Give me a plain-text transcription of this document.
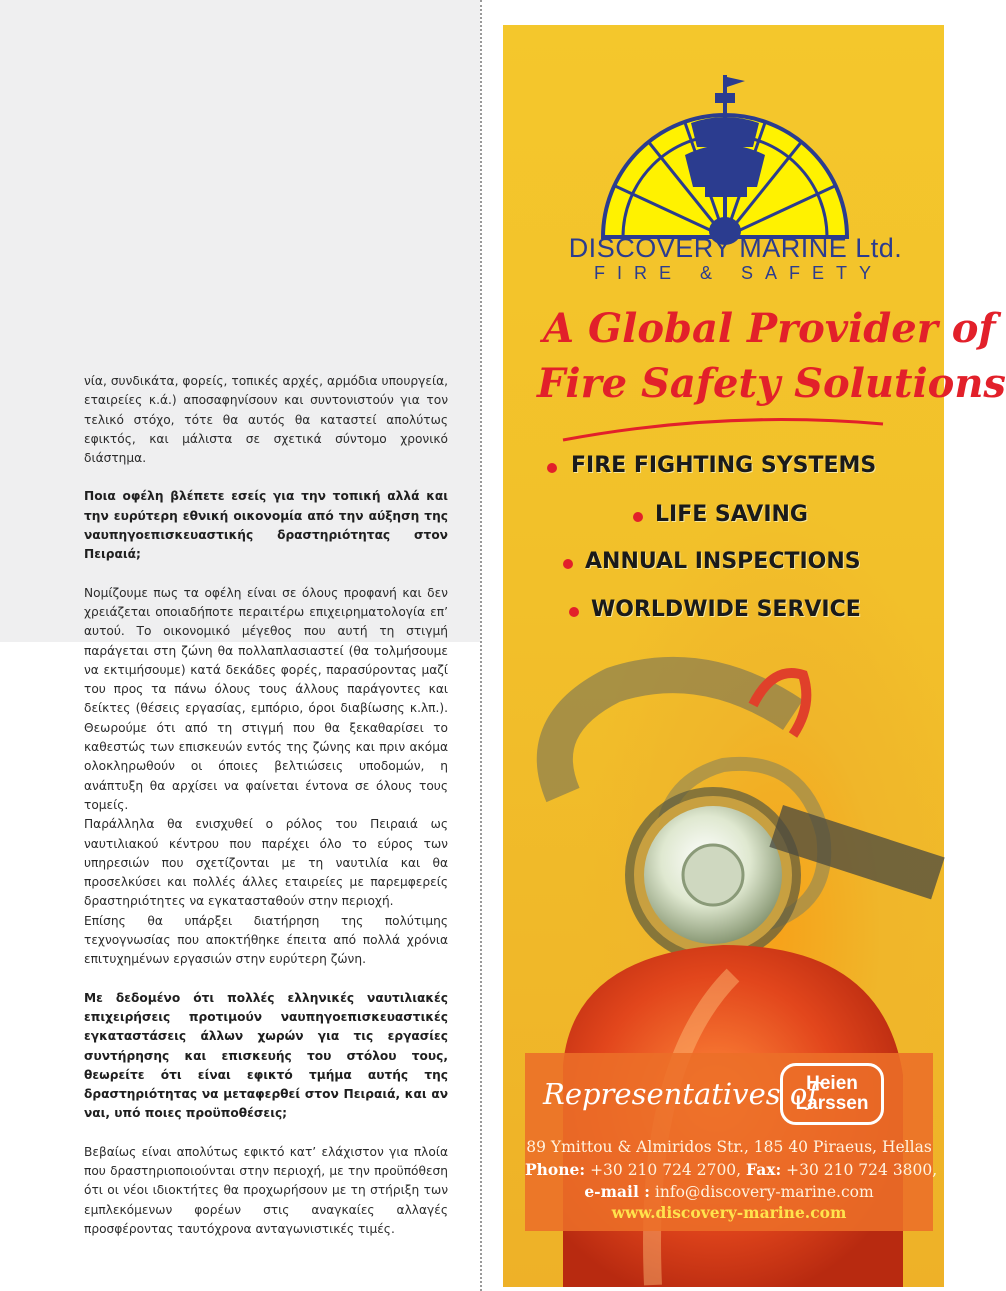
νία, συνδικάτα, φορείς, τοπικές αρχές, αρμόδια υπουργεία, εταιρείες κ.ά.) αποσαφηνίσουν και συντονιστούν για τον τελικό στόχο, τότε θα αυτός θα καταστεί απολύτως εφικτός, και μάλιστα σε σχετικά σύντομο χρονικό διάστημα.

Ποια οφέλη βλέπετε εσείς για την τοπική αλλά και την ευρύτερη εθνική οικονομία από την αύξηση της ναυπηγοεπισκευαστικής δραστηριότητας στον Πειραιά;

Νομίζουμε πως τα οφέλη είναι σε όλους προφανή και δεν χρειάζεται οποιαδήποτε περαιτέρω επιχειρηματολογία επ’ αυτού. Το οικονομικό μέγεθος που αυτή τη στιγμή παράγεται στη ζώνη θα πολλαπλασιαστεί (θα τολμήσουμε να εκτιμήσουμε) κατά δεκάδες φορές, παρασύροντας μαζί του προς τα πάνω όλους τους άλλους παράγοντες και δείκτες (θέσεις εργασίας, εμπόριο, όροι διαβίωσης κ.λπ.). Θεωρούμε ότι από τη στιγμή που θα ξεκαθαρίσει το καθεστώς των επισκευών εντός της ζώνης και πριν ακόμα ολοκληρωθούν οι όποιες βελτιώσεις υποδομών, η ανάπτυξη θα αρχίσει να φαίνεται έντονα σε όλους τους τομείς.

Παράλληλα θα ενισχυθεί ο ρόλος του Πειραιά ως ναυτιλιακού κέντρου που παρέχει όλο το εύρος των υπηρεσιών που σχετίζονται με τη ναυτιλία και θα προσελκύσει και πολλές άλλες εταιρείες με παρεμφερείς δραστηριότητες να εγκατασταθούν στην περιοχή.

Επίσης θα υπάρξει διατήρηση της πολύτιμης τεχνογνωσίας που αποκτήθηκε έπειτα από πολλά χρόνια επιτυχημένων εργασιών στην ευρύτερη ζώνη.

Με δεδομένο ότι πολλές ελληνικές ναυτιλιακές επιχειρήσεις προτιμούν ναυπηγοεπισκευαστικές εγκαταστάσεις άλλων χωρών για τις εργασίες συντήρησης και επισκευής του στόλου τους, θεωρείτε ότι είναι εφικτό τμήμα αυτής της δραστηριότητας να μεταφερθεί στον Πειραιά, και αν ναι, υπό ποιες προϋποθέσεις;

Βεβαίως είναι απολύτως εφικτό κατ’ ελάχιστον για πλοία που δραστηριοποιούνται στην περιοχή, με την προϋπόθεση ότι οι νέοι ιδιοκτήτες θα προχωρήσουν με τη στήριξη των εμπλεκόμενων φορέων στις αναγκαίες αλλαγές προσφέροντας ταυτόχρονα ανταγωνιστικές τιμές.

DISCOVERY MARINE Ltd.
FIRE & SAFETY
A Global Provider of
Fire Safety Solutions
FIRE FIGHTING SYSTEMS
LIFE SAVING
ANNUAL INSPECTIONS
WORLDWIDE SERVICE
Representatives of
Heien
Larssen
89 Ymittou & Almiridos Str., 185 40 Piraeus, Hellas
Phone: +30 210 724 2700, Fax: +30 210 724 3800,
e-mail : info@discovery-marine.com
www.discovery-marine.com
